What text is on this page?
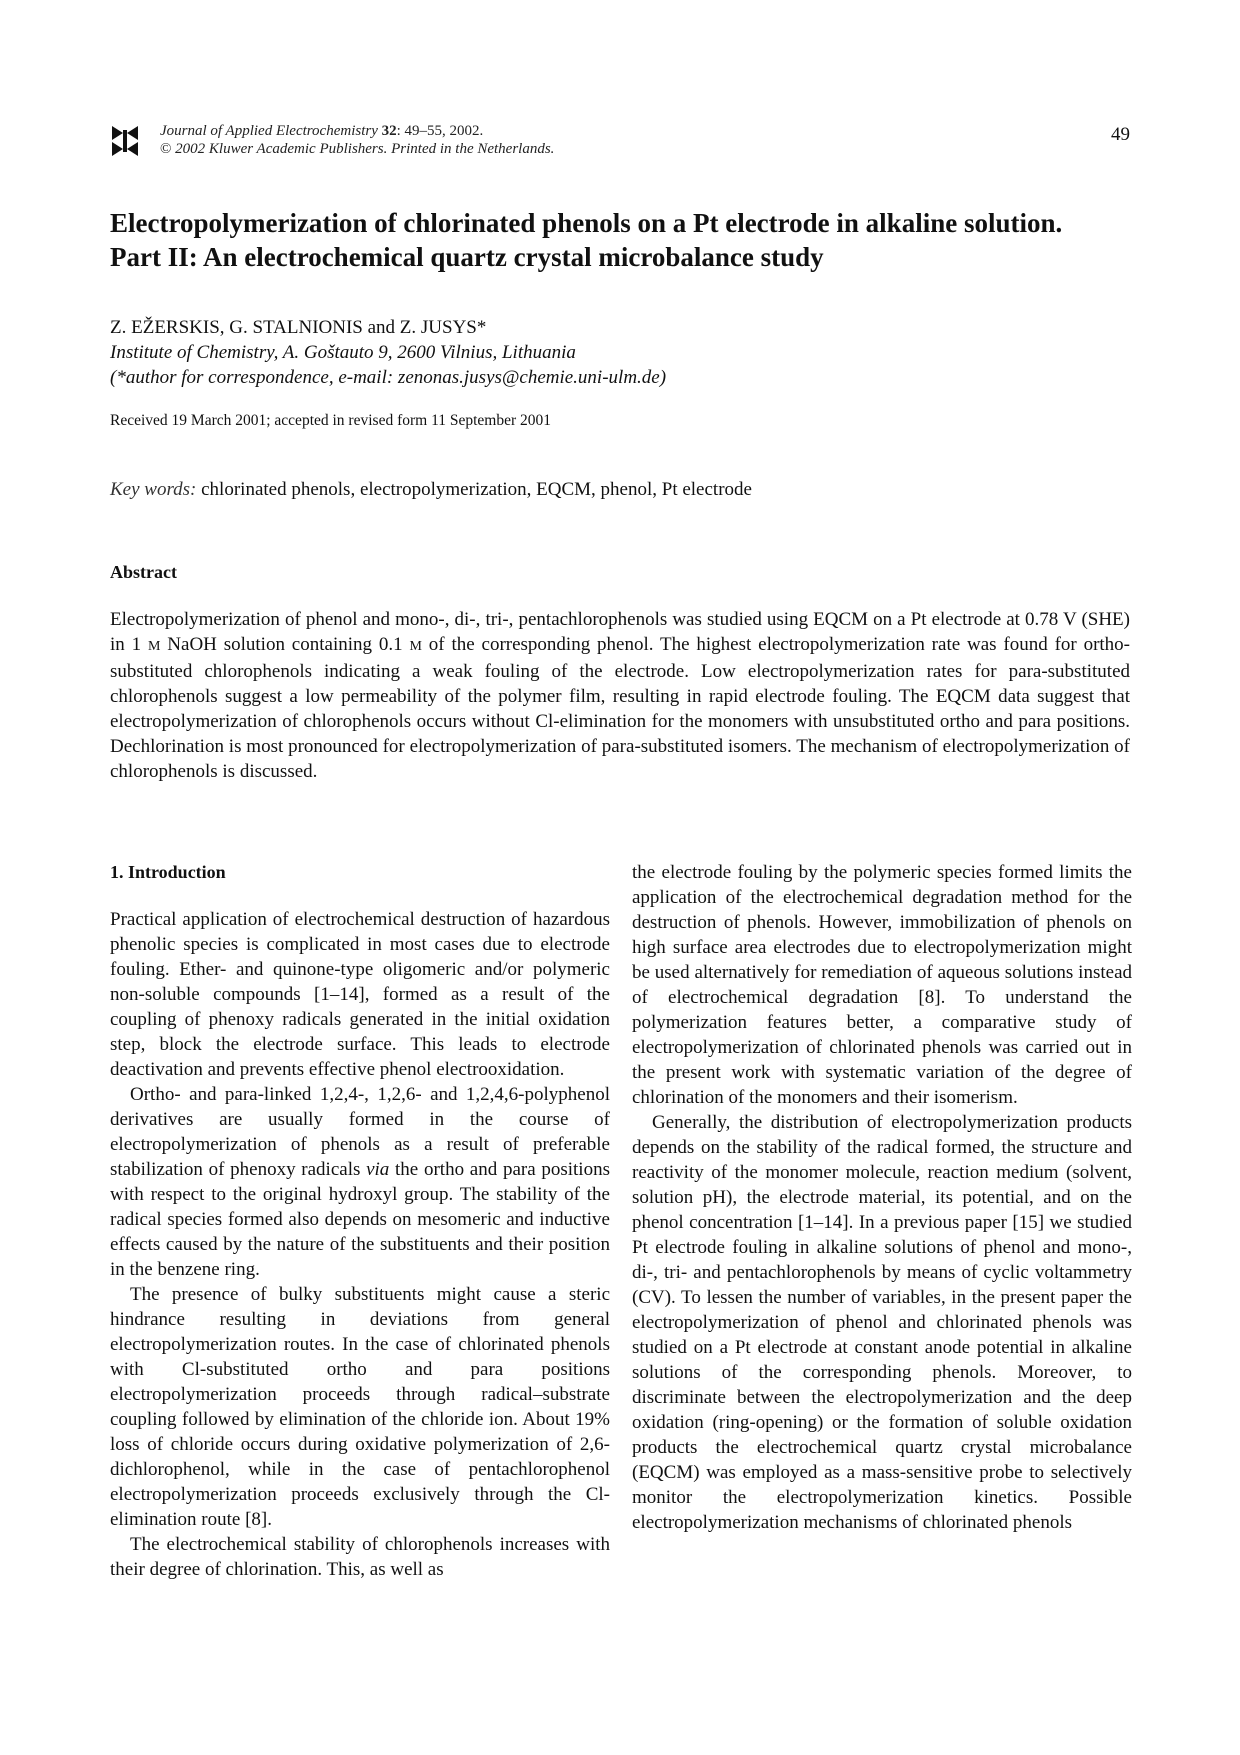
Journal of Applied Electrochemistry 32: 49–55, 2002.
© 2002 Kluwer Academic Publishers. Printed in the Netherlands.
49
Electropolymerization of chlorinated phenols on a Pt electrode in alkaline solution.
Part II: An electrochemical quartz crystal microbalance study
Z. EŽERSKIS, G. STALNIONIS and Z. JUSYS*
Institute of Chemistry, A. Goštauto 9, 2600 Vilnius, Lithuania
(*author for correspondence, e-mail: zenonas.jusys@chemie.uni-ulm.de)
Received 19 March 2001; accepted in revised form 11 September 2001
Key words: chlorinated phenols, electropolymerization, EQCM, phenol, Pt electrode
Abstract

Electropolymerization of phenol and mono-, di-, tri-, pentachlorophenols was studied using EQCM on a Pt electrode at 0.78 V (SHE) in 1 M NaOH solution containing 0.1 M of the corresponding phenol. The highest electropolymerization rate was found for ortho-substituted chlorophenols indicating a weak fouling of the electrode. Low electropolymerization rates for para-substituted chlorophenols suggest a low permeability of the polymer film, resulting in rapid electrode fouling. The EQCM data suggest that electropolymerization of chlorophenols occurs without Cl-elimination for the monomers with unsubstituted ortho and para positions. Dechlorination is most pronounced for electropolymerization of para-substituted isomers. The mechanism of electropolymerization of chlorophenols is discussed.

1. Introduction

Practical application of electrochemical destruction of hazardous phenolic species is complicated in most cases due to electrode fouling. Ether- and quinone-type oligomeric and/or polymeric non-soluble compounds [1–14], formed as a result of the coupling of phenoxy radicals generated in the initial oxidation step, block the electrode surface. This leads to electrode deactivation and prevents effective phenol electrooxidation.

Ortho- and para-linked 1,2,4-, 1,2,6- and 1,2,4,6-polyphenol derivatives are usually formed in the course of electropolymerization of phenols as a result of preferable stabilization of phenoxy radicals via the ortho and para positions with respect to the original hydroxyl group. The stability of the radical species formed also depends on mesomeric and inductive effects caused by the nature of the substituents and their position in the benzene ring.

The presence of bulky substituents might cause a steric hindrance resulting in deviations from general electropolymerization routes. In the case of chlorinated phenols with Cl-substituted ortho and para positions electropolymerization proceeds through radical–substrate coupling followed by elimination of the chloride ion. About 19% loss of chloride occurs during oxidative polymerization of 2,6-dichlorophenol, while in the case of pentachlorophenol electropolymerization proceeds exclusively through the Cl-elimination route [8].

The electrochemical stability of chlorophenols increases with their degree of chlorination. This, as well as

the electrode fouling by the polymeric species formed limits the application of the electrochemical degradation method for the destruction of phenols. However, immobilization of phenols on high surface area electrodes due to electropolymerization might be used alternatively for remediation of aqueous solutions instead of electrochemical degradation [8]. To understand the polymerization features better, a comparative study of electropolymerization of chlorinated phenols was carried out in the present work with systematic variation of the degree of chlorination of the monomers and their isomerism.

Generally, the distribution of electropolymerization products depends on the stability of the radical formed, the structure and reactivity of the monomer molecule, reaction medium (solvent, solution pH), the electrode material, its potential, and on the phenol concentration [1–14]. In a previous paper [15] we studied Pt electrode fouling in alkaline solutions of phenol and mono-, di-, tri- and pentachlorophenols by means of cyclic voltammetry (CV). To lessen the number of variables, in the present paper the electropolymerization of phenol and chlorinated phenols was studied on a Pt electrode at constant anode potential in alkaline solutions of the corresponding phenols. Moreover, to discriminate between the electropolymerization and the deep oxidation (ring-opening) or the formation of soluble oxidation products the electrochemical quartz crystal microbalance (EQCM) was employed as a mass-sensitive probe to selectively monitor the electropolymerization kinetics. Possible electropolymerization mechanisms of chlorinated phenols
